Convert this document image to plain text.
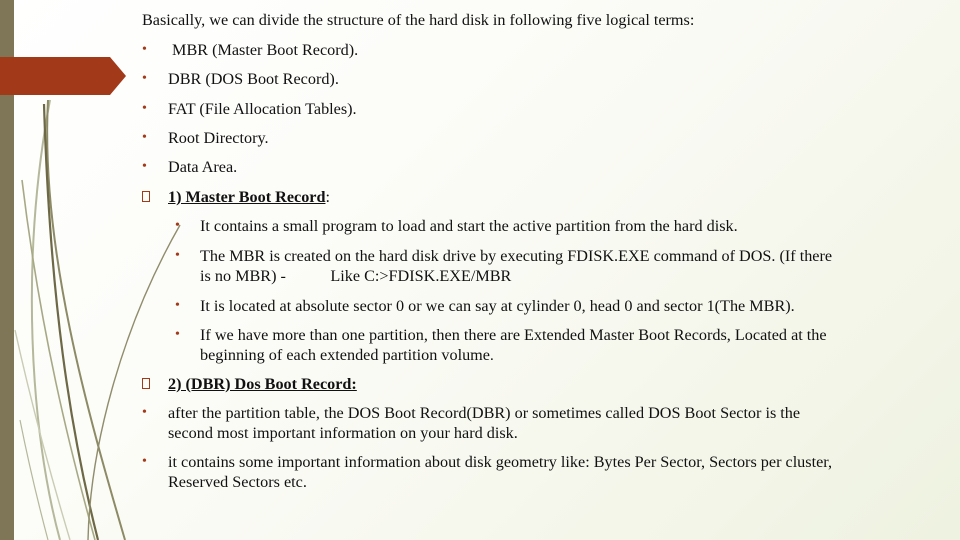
Basically, we can divide the structure of the hard disk in following five logical terms:
•	MBR (Master Boot Record).
•	DBR (DOS Boot Record).
•	FAT (File Allocation Tables).
•	Root Directory.
•	Data Area.
1) Master Boot Record:
•	It contains a small program to load and start the active partition from the hard disk.
•	The MBR is created on the hard disk drive by executing FDISK.EXE command of DOS. (If there
is no MBR) -           Like C:>FDISK.EXE/MBR
•	It is located at absolute sector 0 or we can say at cylinder 0, head 0 and sector 1(The MBR).
•	If we have more than one partition, then there are Extended Master Boot Records, Located at the
beginning of each extended partition volume.
2) (DBR) Dos Boot Record:
•	after the partition table, the DOS Boot Record(DBR) or sometimes called DOS Boot Sector is the
second most important information on your hard disk.
•	it contains some important information about disk geometry like: Bytes Per Sector, Sectors per cluster,
Reserved Sectors etc.
